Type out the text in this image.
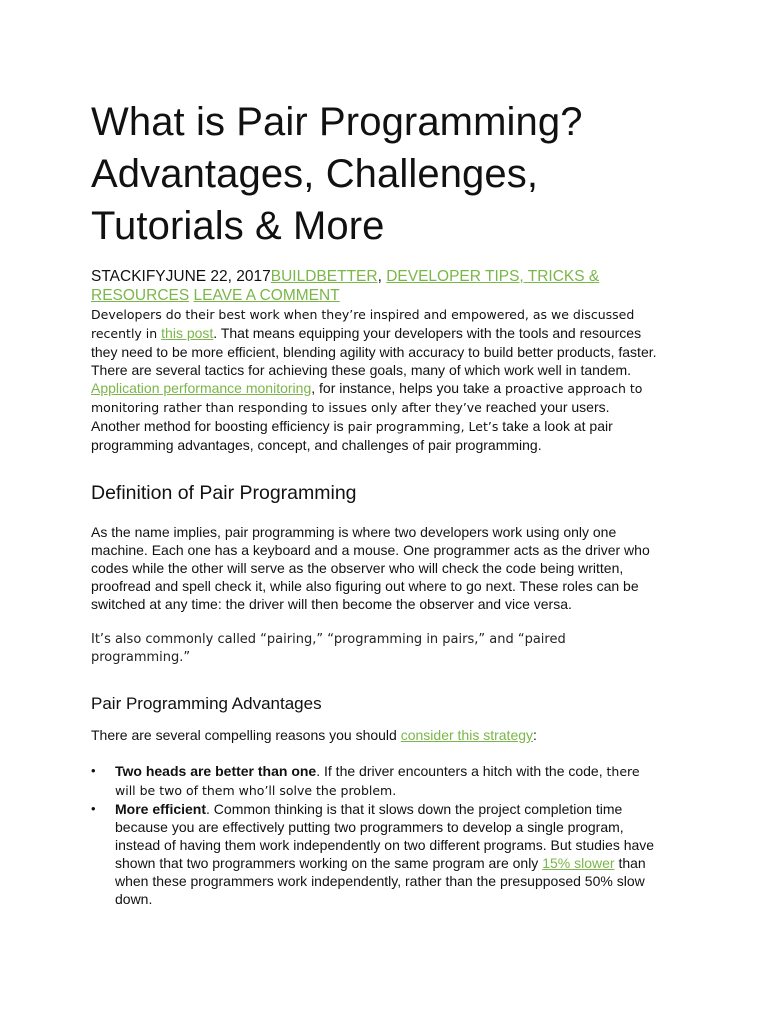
What is Pair Programming?
Advantages, Challenges,
Tutorials & More
STACKIFYJUNE 22, 2017BUILDBETTER, DEVELOPER TIPS, TRICKS & RESOURCES LEAVE A COMMENT

Developers do their best work when they’re inspired and empowered, as we discussed recently in this post. That means equipping your developers with the tools and resources they need to be more efficient, blending agility with accuracy to build better products, faster. There are several tactics for achieving these goals, many of which work well in tandem. Application performance monitoring, for instance, helps you take a proactive approach to monitoring rather than responding to issues only after they’ve reached your users. Another method for boosting efficiency is pair programming, Let’s take a look at pair programming advantages, concept, and challenges of pair programming.

Definition of Pair Programming

As the name implies, pair programming is where two developers work using only one machine. Each one has a keyboard and a mouse. One programmer acts as the driver who codes while the other will serve as the observer who will check the code being written, proofread and spell check it, while also figuring out where to go next. These roles can be switched at any time: the driver will then become the observer and vice versa.

It’s also commonly called “pairing,” “programming in pairs,” and “paired programming.”

Pair Programming Advantages

There are several compelling reasons you should consider this strategy:

• Two heads are better than one. If the driver encounters a hitch with the code, there will be two of them who’ll solve the problem.
• More efficient. Common thinking is that it slows down the project completion time because you are effectively putting two programmers to develop a single program, instead of having them work independently on two different programs. But studies have shown that two programmers working on the same program are only 15% slower than when these programmers work independently, rather than the presupposed 50% slow down.
